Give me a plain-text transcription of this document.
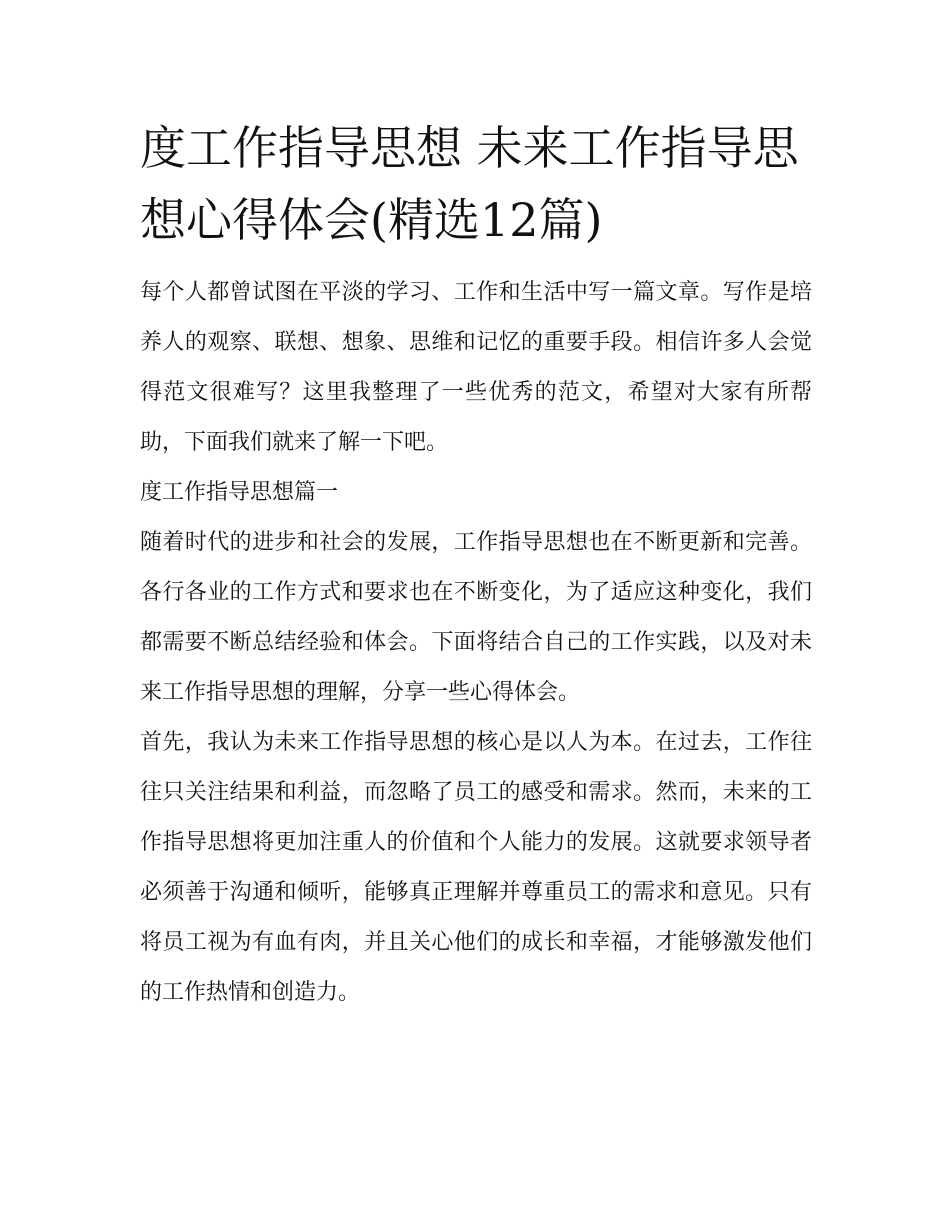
度工作指导思想 未来工作指导思想心得体会(精选12篇)

每个人都曾试图在平淡的学习、工作和生活中写一篇文章。写作是培养人的观察、联想、想象、思维和记忆的重要手段。相信许多人会觉得范文很难写？这里我整理了一些优秀的范文，希望对大家有所帮助，下面我们就来了解一下吧。

度工作指导思想篇一

随着时代的进步和社会的发展，工作指导思想也在不断更新和完善。各行各业的工作方式和要求也在不断变化，为了适应这种变化，我们都需要不断总结经验和体会。下面将结合自己的工作实践，以及对未来工作指导思想的理解，分享一些心得体会。

首先，我认为未来工作指导思想的核心是以人为本。在过去，工作往往只关注结果和利益，而忽略了员工的感受和需求。然而，未来的工作指导思想将更加注重人的价值和个人能力的发展。这就要求领导者必须善于沟通和倾听，能够真正理解并尊重员工的需求和意见。只有将员工视为有血有肉，并且关心他们的成长和幸福，才能够激发他们的工作热情和创造力。
